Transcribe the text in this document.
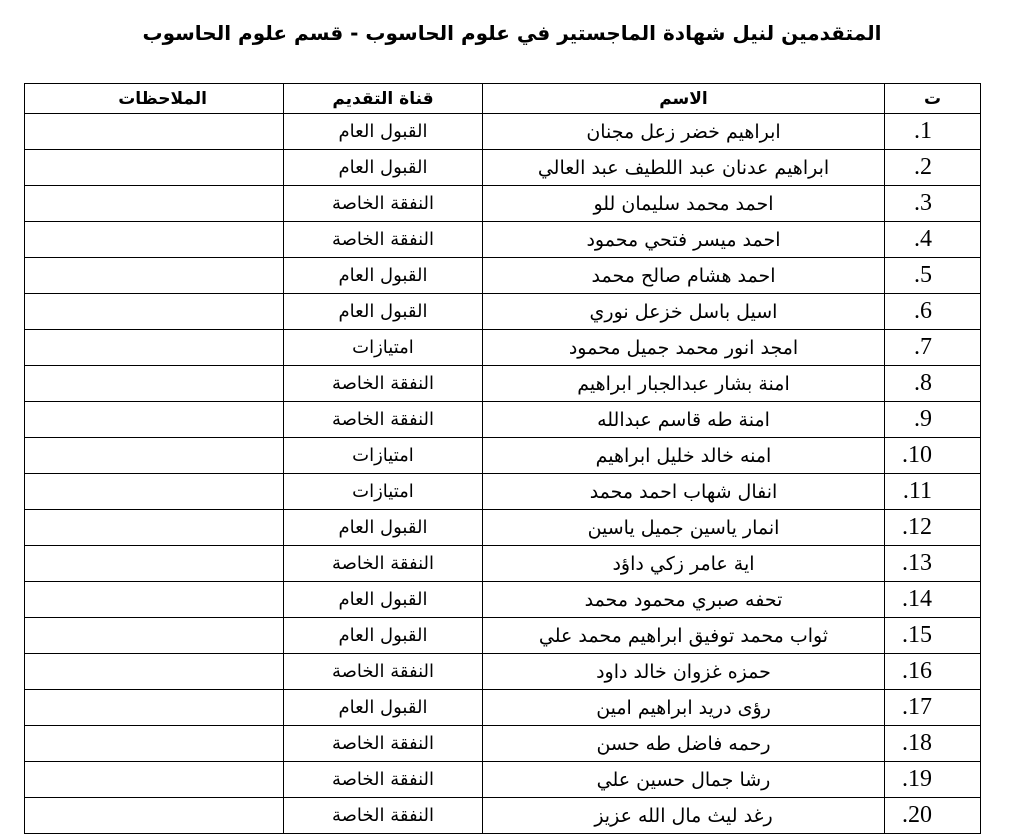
المتقدمين لنيل شهادة الماجستير في علوم الحاسوب - قسم علوم الحاسوب
الملاحظات	قناة التقديم	الاسم	ت
	القبول العام	ابراهيم خضر زعل مجنان	.1
	القبول العام	ابراهيم عدنان عبد اللطيف عبد العالي	.2
	النفقة الخاصة	احمد محمد سليمان للو	.3
	النفقة الخاصة	احمد ميسر فتحي محمود	.4
	القبول العام	احمد هشام صالح محمد	.5
	القبول العام	اسيل باسل خزعل نوري	.6
	امتيازات	امجد انور محمد جميل محمود	.7
	النفقة الخاصة	امنة بشار عبدالجبار ابراهيم	.8
	النفقة الخاصة	امنة طه قاسم عبدالله	.9
	امتيازات	امنه خالد خليل ابراهيم	.10
	امتيازات	انفال شهاب احمد محمد	.11
	القبول العام	انمار ياسين جميل ياسين	.12
	النفقة الخاصة	اية عامر زكي داؤد	.13
	القبول العام	تحفه صبري محمود محمد	.14
	القبول العام	ثواب محمد توفيق ابراهيم محمد علي	.15
	النفقة الخاصة	حمزه غزوان خالد داود	.16
	القبول العام	رؤى دريد ابراهيم امين	.17
	النفقة الخاصة	رحمه فاضل طه حسن	.18
	النفقة الخاصة	رشا جمال حسين علي	.19
	النفقة الخاصة	رغد ليث مال الله عزيز	.20
